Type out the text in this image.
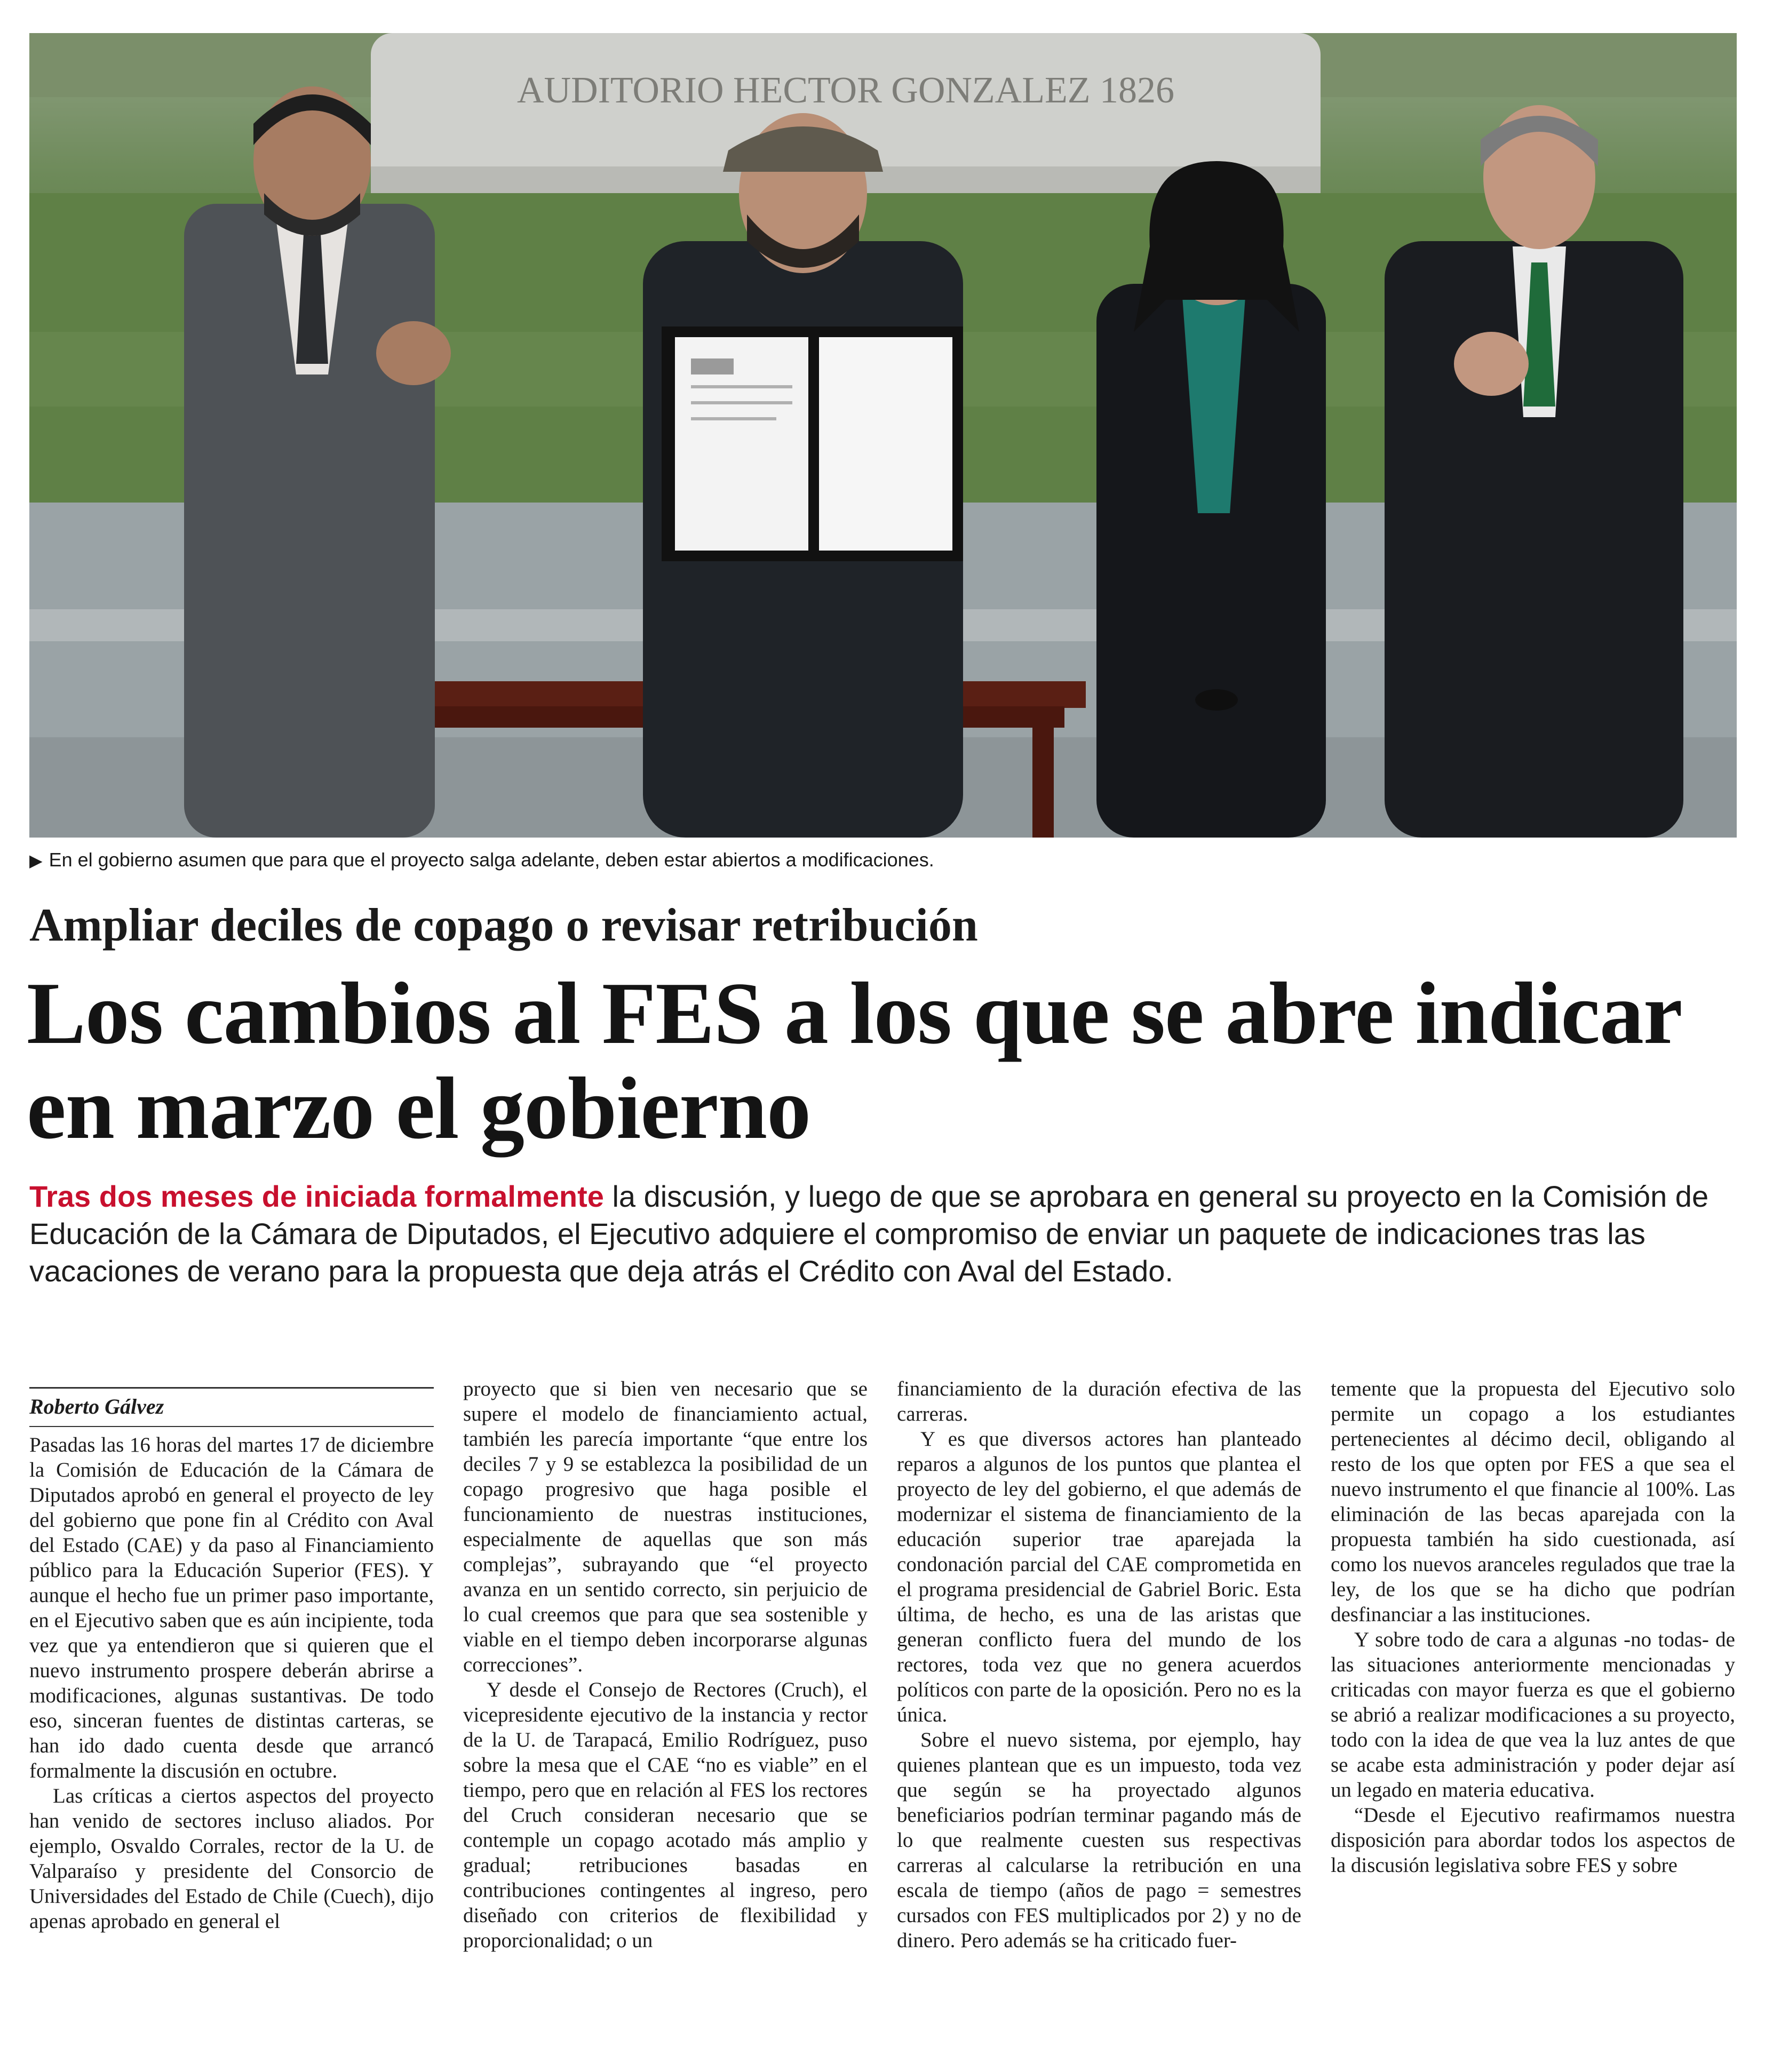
AUDITORIO HECTOR GONZALEZ 1826
▶ En el gobierno asumen que para que el proyecto salga adelante, deben estar abiertos a modificaciones.
Ampliar deciles de copago o revisar retribución
Los cambios al FES a los que se abre indicar en marzo el gobierno
Tras dos meses de iniciada formalmente la discusión, y luego de que se aprobara en general su proyecto en la Comisión de Educación de la Cámara de Diputados, el Ejecutivo adquiere el compromiso de enviar un paquete de indicaciones tras las vacaciones de verano para la propuesta que deja atrás el Crédito con Aval del Estado.
Roberto Gálvez

Pasadas las 16 horas del martes 17 de diciembre la Comisión de Educación de la Cámara de Diputados aprobó en general el proyecto de ley del gobierno que pone fin al Crédito con Aval del Estado (CAE) y da paso al Financiamiento público para la Educación Superior (FES). Y aunque el hecho fue un primer paso importante, en el Ejecutivo saben que es aún incipiente, toda vez que ya entendieron que si quieren que el nuevo instrumento prospere deberán abrirse a modificaciones, algunas sustantivas. De todo eso, sinceran fuentes de distintas carteras, se han ido dado cuenta desde que arrancó formalmente la discusión en octubre.

Las críticas a ciertos aspectos del proyecto han venido de sectores incluso aliados. Por ejemplo, Osvaldo Corrales, rector de la U. de Valparaíso y presidente del Consorcio de Universidades del Estado de Chile (Cuech), dijo apenas aprobado en general el

proyecto que si bien ven necesario que se supere el modelo de financiamiento actual, también les parecía importante “que entre los deciles 7 y 9 se establezca la posibilidad de un copago progresivo que haga posible el funcionamiento de nuestras instituciones, especialmente de aquellas que son más complejas”, subrayando que “el proyecto avanza en un sentido correcto, sin perjuicio de lo cual creemos que para que sea sostenible y viable en el tiempo deben incorporarse algunas correcciones”.

Y desde el Consejo de Rectores (Cruch), el vicepresidente ejecutivo de la instancia y rector de la U. de Tarapacá, Emilio Rodríguez, puso sobre la mesa que el CAE “no es viable” en el tiempo, pero que en relación al FES los rectores del Cruch consideran necesario que se contemple un copago acotado más amplio y gradual; retribuciones basadas en contribuciones contingentes al ingreso, pero diseñado con criterios de flexibilidad y proporcionalidad; o un

financiamiento de la duración efectiva de las carreras.

Y es que diversos actores han planteado reparos a algunos de los puntos que plantea el proyecto de ley del gobierno, el que además de modernizar el sistema de financiamiento de la educación superior trae aparejada la condonación parcial del CAE comprometida en el programa presidencial de Gabriel Boric. Esta última, de hecho, es una de las aristas que generan conflicto fuera del mundo de los rectores, toda vez que no genera acuerdos políticos con parte de la oposición. Pero no es la única.

Sobre el nuevo sistema, por ejemplo, hay quienes plantean que es un impuesto, toda vez que según se ha proyectado algunos beneficiarios podrían terminar pagando más de lo que realmente cuesten sus respectivas carreras al calcularse la retribución en una escala de tiempo (años de pago = semestres cursados con FES multiplicados por 2) y no de dinero. Pero además se ha criticado fuer-

temente que la propuesta del Ejecutivo solo permite un copago a los estudiantes pertenecientes al décimo decil, obligando al resto de los que opten por FES a que sea el nuevo instrumento el que financie al 100%. Las eliminación de las becas aparejada con la propuesta también ha sido cuestionada, así como los nuevos aranceles regulados que trae la ley, de los que se ha dicho que podrían desfinanciar a las instituciones.

Y sobre todo de cara a algunas -no todas- de las situaciones anteriormente mencionadas y criticadas con mayor fuerza es que el gobierno se abrió a realizar modificaciones a su proyecto, todo con la idea de que vea la luz antes de que se acabe esta administración y poder dejar así un legado en materia educativa.

“Desde el Ejecutivo reafirmamos nuestra disposición para abordar todos los aspectos de la discusión legislativa sobre FES y sobre
